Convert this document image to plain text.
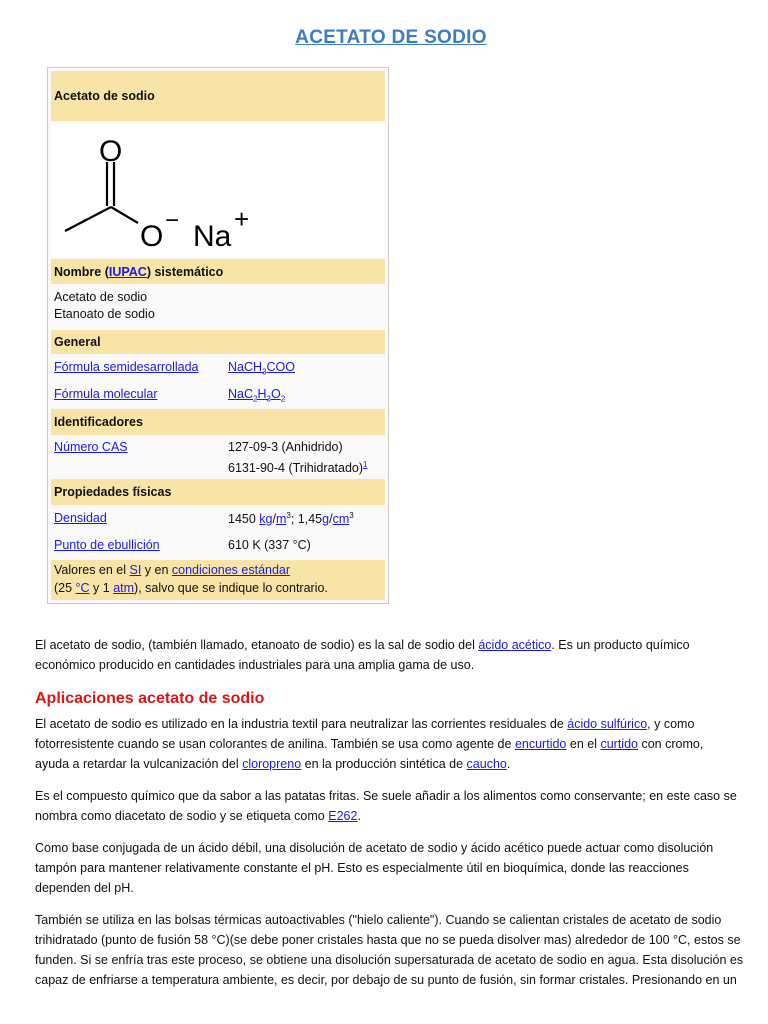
ACETATO DE SODIO
Acetato de sodio
O
O − Na
+
Nombre ( IUPAC ) sistemático
Acetato de sodio
Etanoato de sodio
General
Fórmula semidesarrollada NaCH$_3$COO
Fórmula molecular	$NaC_2H_3O_2$
Identificadores
Número CAS	127-09-3 (Anhidrido)
6131-90-4 (Trihidratado)$^1$
Propiedades físicas
Densidad	1450 $kg/m^3$; $1,45g/cm^3$
Punto de ebullición	610 K (337 °C)
Valores en el SI y en condiciones estándar
(25 °C y 1 atm), salvo que se indique lo contrario.
El acetato de sodio, (también llamado, etanoato de sodio) es la sal de sodio del ácido acético. Es un producto químico
económico producido en cantidades industriales para una amplia gama de uso.
Aplicaciones acetato de sodio
El acetato de sodio es utilizado en la industria textil para neutralizar las corrientes residuales de ácido sulfúrico, y como
fotorresistente cuando se usan colorantes de anilina. También se usa como agente de encurtido en el curtido con cromo,
ayuda a retardar la vulcanización del cloropreno en la producción sintética de caucho.
Es el compuesto químico que da sabor a las patatas fritas. Se suele añadir a los alimentos como conservante; en este caso se
nombra como diacetato de sodio y se etiqueta como E262.
Como base conjugada de un ácido débil, una disolución de acetato de sodio y ácido acético puede actuar como disolución
tampón para mantener relativamente constante el pH. Esto es especialmente útil en bioquímica, donde las reacciones
dependen del pH.
También se utiliza en las bolsas térmicas autoactivables ("hielo caliente"). Cuando se calientan cristales de acetato de sodio
trihidratado (punto de fusión 58 °C)(se debe poner cristales hasta que no se pueda disolver mas) alrededor de 100 °C, estos se
funden. Si se enfría tras este proceso, se obtiene una disolución supersaturada de acetato de sodio en agua. Esta disolución es
capaz de enfriarse a temperatura ambiente, es decir, por debajo de su punto de fusión, sin formar cristales. Presionando en un
